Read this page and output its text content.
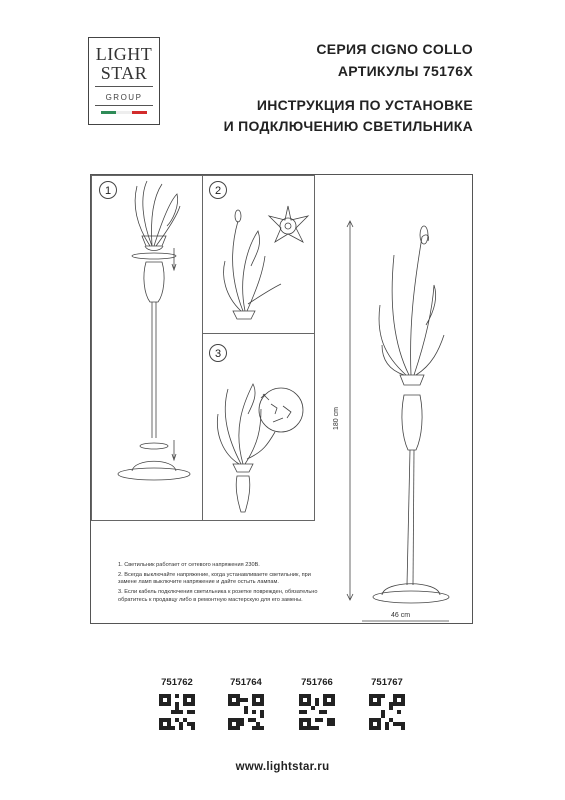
LIGHT
STAR
GROUP
СЕРИЯ CIGNO COLLO
АРТИКУЛЫ 75176X
ИНСТРУКЦИЯ ПО УСТАНОВКЕ
И ПОДКЛЮЧЕНИЮ СВЕТИЛЬНИКА
1	2
3
180 cm
46 cm

1. Светильник работает от сетевого напряжения 230В.

2. Всегда выключайте напряжение, когда устанавливаете светильник, при замене ламп выключите напряжение и дайте остыть лампам.

3. Если кабель подключения светильника к розетке поврежден, обязательно обратитесь к продавцу либо в ремонтную мастерскую для его замены.

751762	751764	751766	751767
www.lightstar.ru
